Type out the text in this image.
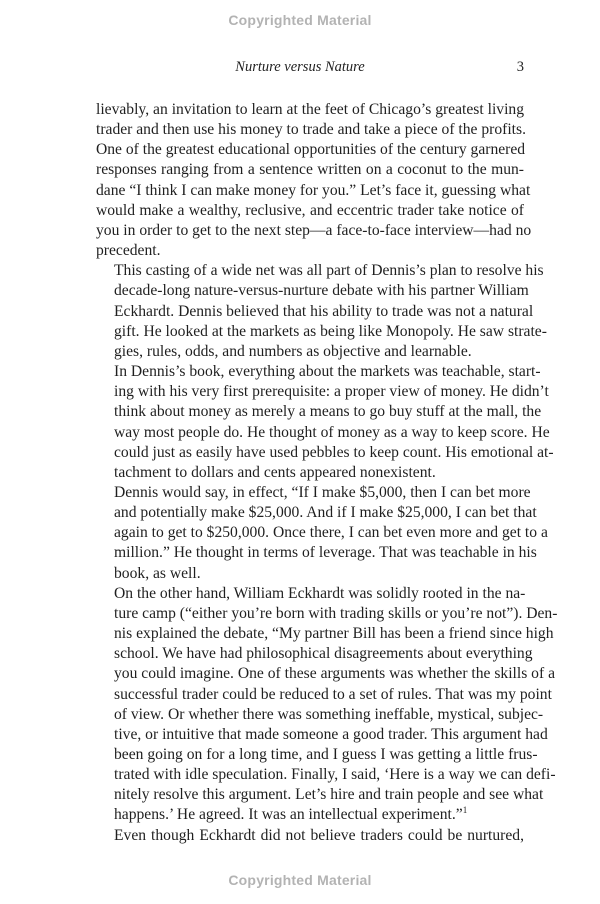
Copyrighted Material
Nurture versus Nature	3

lievably, an invitation to learn at the feet of Chicago’s greatest living
trader and then use his money to trade and take a piece of the profits.
One of the greatest educational opportunities of the century garnered
responses ranging from a sentence written on a coconut to the mun-
dane “I think I can make money for you.” Let’s face it, guessing what
would make a wealthy, reclusive, and eccentric trader take notice of
you in order to get to the next step—a face-to-face interview—had no
precedent.

This casting of a wide net was all part of Dennis’s plan to resolve his
decade-long nature-versus-nurture debate with his partner William
Eckhardt. Dennis believed that his ability to trade was not a natural
gift. He looked at the markets as being like Monopoly. He saw strate-
gies, rules, odds, and numbers as objective and learnable.

In Dennis’s book, everything about the markets was teachable, start-
ing with his very first prerequisite: a proper view of money. He didn’t
think about money as merely a means to go buy stuff at the mall, the
way most people do. He thought of money as a way to keep score. He
could just as easily have used pebbles to keep count. His emotional at-
tachment to dollars and cents appeared nonexistent.

Dennis would say, in effect, “If I make $5,000, then I can bet more
and potentially make $25,000. And if I make $25,000, I can bet that
again to get to $250,000. Once there, I can bet even more and get to a
million.” He thought in terms of leverage. That was teachable in his
book, as well.

On the other hand, William Eckhardt was solidly rooted in the na-
ture camp (“either you’re born with trading skills or you’re not”). Den-
nis explained the debate, “My partner Bill has been a friend since high
school. We have had philosophical disagreements about everything
you could imagine. One of these arguments was whether the skills of a
successful trader could be reduced to a set of rules. That was my point
of view. Or whether there was something ineffable, mystical, subjec-
tive, or intuitive that made someone a good trader. This argument had
been going on for a long time, and I guess I was getting a little frus-
trated with idle speculation. Finally, I said, ‘Here is a way we can defi-
nitely resolve this argument. Let’s hire and train people and see what
happens.’ He agreed. It was an intellectual experiment.”$^1$

Even though Eckhardt did not believe traders could be nurtured,

Copyrighted Material
